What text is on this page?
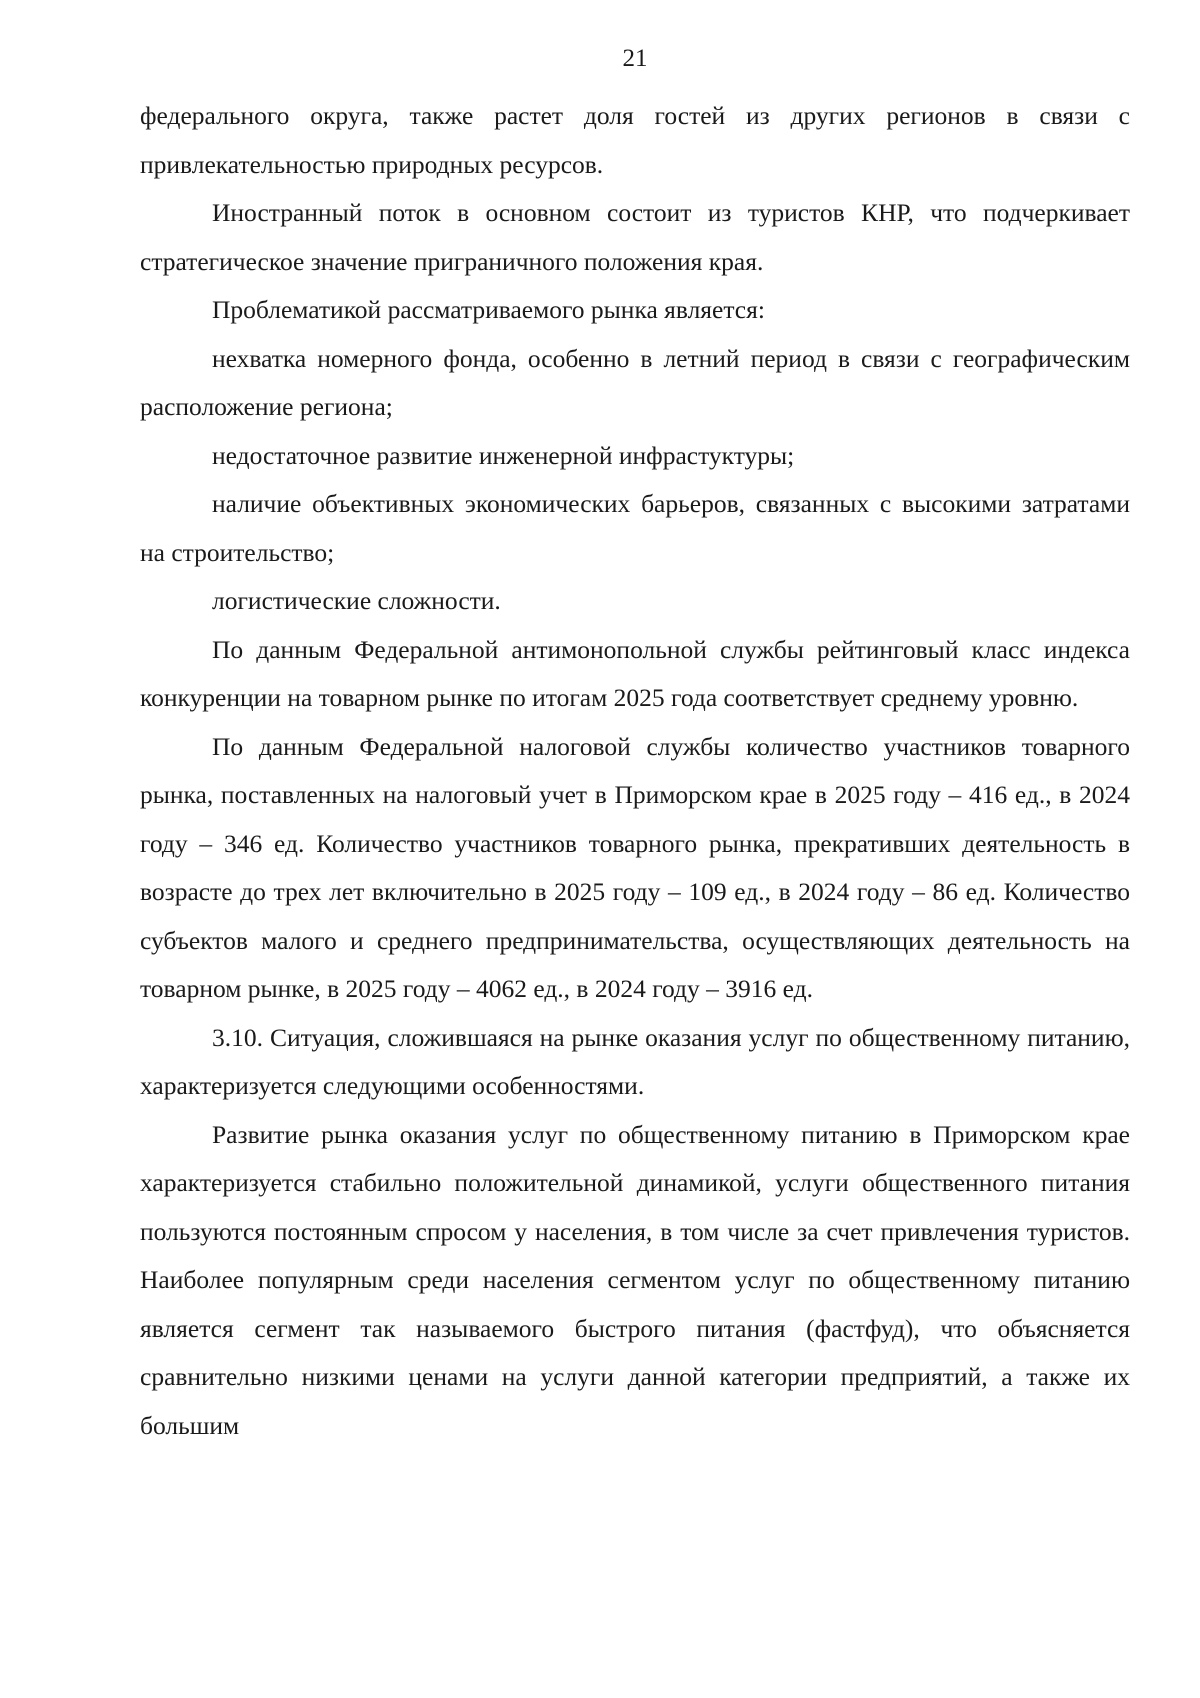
21

федерального округа, также растет доля гостей из других регионов в связи с привлекательностью природных ресурсов.

Иностранный поток в основном состоит из туристов КНР, что подчеркивает стратегическое значение приграничного положения края.

Проблематикой рассматриваемого рынка является:

нехватка номерного фонда, особенно в летний период в связи с географическим расположение региона;

недостаточное развитие инженерной инфрастуктуры;

наличие объективных экономических барьеров, связанных с высокими затратами на строительство;

логистические сложности.

По данным Федеральной антимонопольной службы рейтинговый класс индекса конкуренции на товарном рынке по итогам 2025 года соответствует среднему уровню.

По данным Федеральной налоговой службы количество участников товарного рынка, поставленных на налоговый учет в Приморском крае в 2025 году – 416 ед., в 2024 году – 346 ед. Количество участников товарного рынка, прекративших деятельность в возрасте до трех лет включительно в 2025 году – 109 ед., в 2024 году – 86 ед. Количество субъектов малого и среднего предпринимательства, осуществляющих деятельность на товарном рынке, в 2025 году – 4062 ед., в 2024 году – 3916 ед.

3.10. Ситуация, сложившаяся на рынке оказания услуг по общественному питанию, характеризуется следующими особенностями.

Развитие рынка оказания услуг по общественному питанию в Приморском крае характеризуется стабильно положительной динамикой, услуги общественного питания пользуются постоянным спросом у населения, в том числе за счет привлечения туристов. Наиболее популярным среди населения сегментом услуг по общественному питанию является сегмент так называемого быстрого питания (фастфуд), что объясняется сравнительно низкими ценами на услуги данной категории предприятий, а также их большим
